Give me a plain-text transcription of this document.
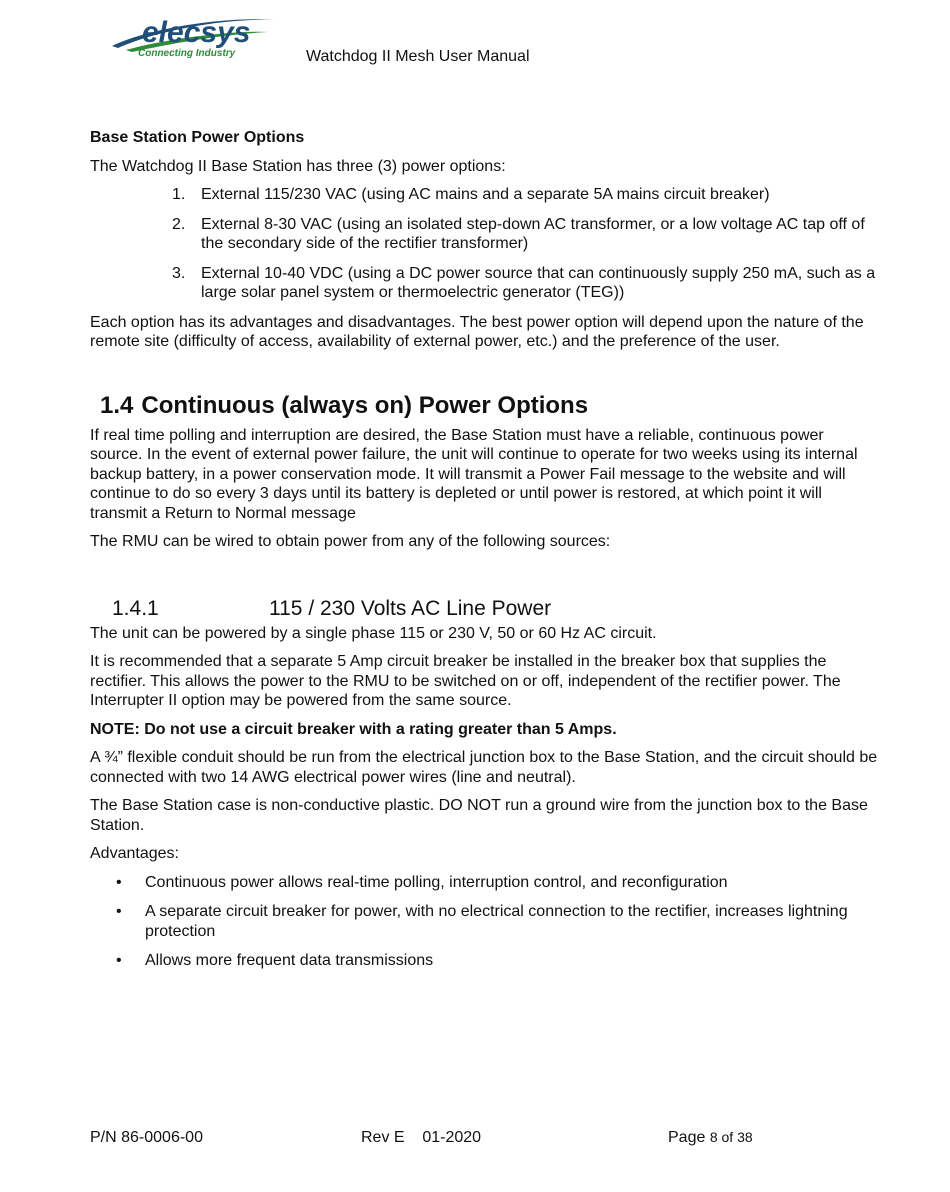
elecsys
Connecting Industry	Watchdog II Mesh User Manual

Base Station Power Options

The Watchdog II Base Station has three (3) power options:

1. External 115/230 VAC (using AC mains and a separate 5A mains circuit breaker)
2. External 8-30 VAC (using an isolated step-down AC transformer, or a low voltage AC tap off of the secondary side of the rectifier transformer)
3. External 10-40 VDC (using a DC power source that can continuously supply 250 mA, such as a large solar panel system or thermoelectric generator (TEG))

Each option has its advantages and disadvantages. The best power option will depend upon the nature of the remote site (difficulty of access, availability of external power, etc.) and the preference of the user.

1.4 Continuous (always on) Power Options

If real time polling and interruption are desired, the Base Station must have a reliable, continuous power source. In the event of external power failure, the unit will continue to operate for two weeks using its internal backup battery, in a power conservation mode. It will transmit a Power Fail message to the website and will continue to do so every 3 days until its battery is depleted or until power is restored, at which point it will transmit a Return to Normal message

The RMU can be wired to obtain power from any of the following sources:

1.4.1	115 / 230 Volts AC Line Power

The unit can be powered by a single phase 115 or 230 V, 50 or 60 Hz AC circuit.

It is recommended that a separate 5 Amp circuit breaker be installed in the breaker box that supplies the rectifier. This allows the power to the RMU to be switched on or off, independent of the rectifier power. The Interrupter II option may be powered from the same source.

NOTE: Do not use a circuit breaker with a rating greater than 5 Amps.

A ¾” flexible conduit should be run from the electrical junction box to the Base Station, and the circuit should be connected with two 14 AWG electrical power wires (line and neutral).

The Base Station case is non-conductive plastic. DO NOT run a ground wire from the junction box to the Base Station.

Advantages:

• Continuous power allows real-time polling, interruption control, and reconfiguration
• A separate circuit breaker for power, with no electrical connection to the rectifier, increases lightning protection
• Allows more frequent data transmissions
P/N 86-0006-00	Rev E    01-2020	Page 8 of 38
